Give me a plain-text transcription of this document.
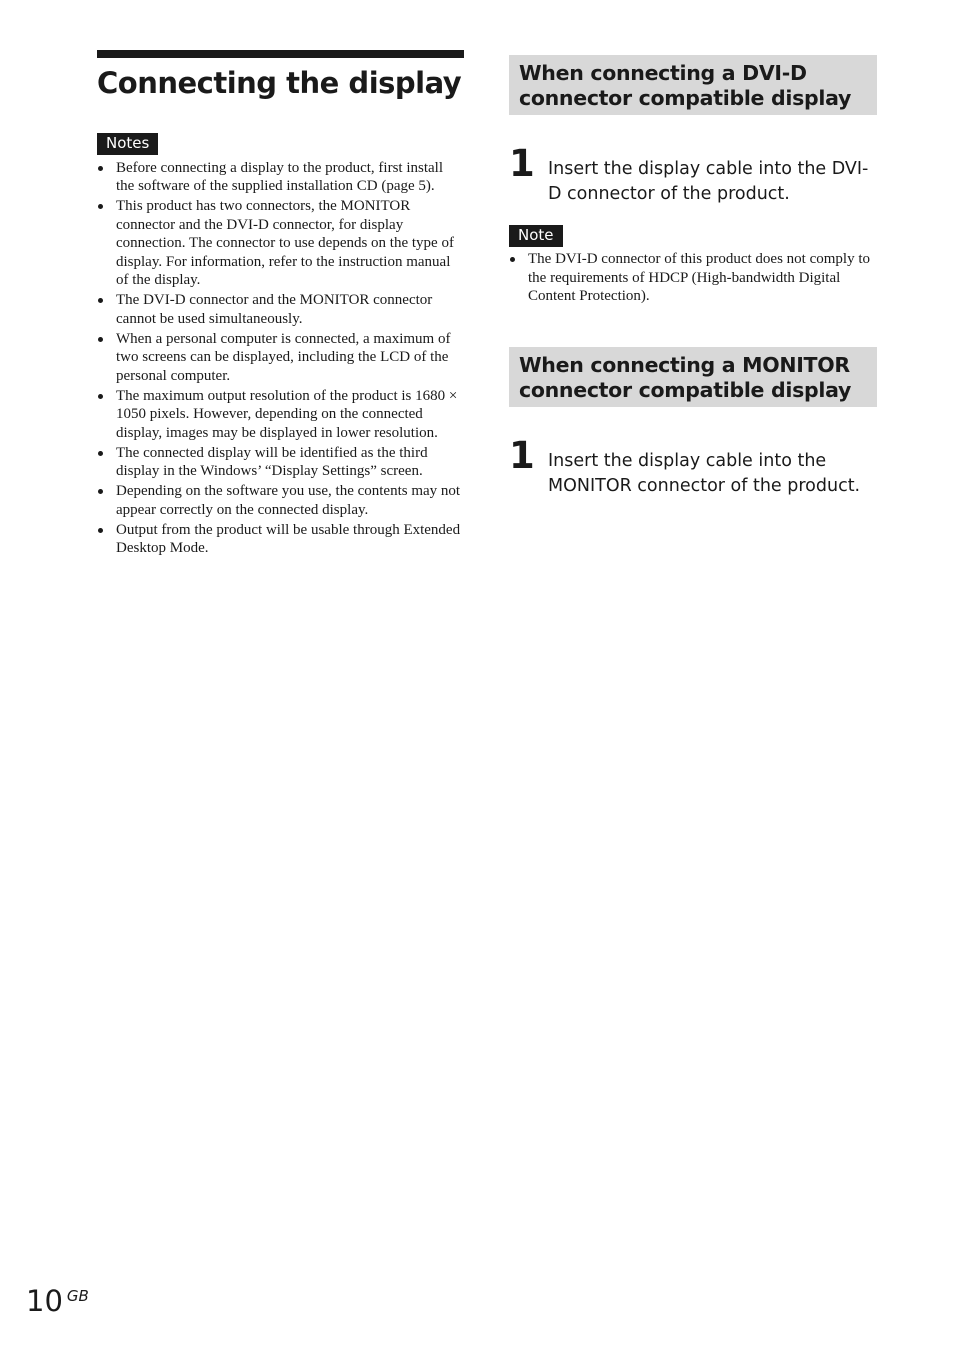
Connecting the display
Notes
Before connecting a display to the product, first install the software of the supplied installation CD (page 5).
This product has two connectors, the MONITOR connector and the DVI-D connector, for display connection. The connector to use depends on the type of display. For information, refer to the instruction manual of the display.
The DVI-D connector and the MONITOR connector cannot be used simultaneously.
When a personal computer is connected, a maximum of two screens can be displayed, including the LCD of the personal computer.
The maximum output resolution of the product is 1680 × 1050 pixels. However, depending on the connected display, images may be displayed in lower resolution.
The connected display will be identified as the third display in the Windows’ “Display Settings” screen.
Depending on the software you use, the contents may not appear correctly on the connected display.
Output from the product will be usable through Extended Desktop Mode.
When connecting a DVI-D connector compatible display
1 Insert the display cable into the DVI-D connector of the product.
Note
The DVI-D connector of this product does not comply to the requirements of HDCP (High-bandwidth Digital Content Protection).
When connecting a MONITOR connector compatible display
1 Insert the display cable into the MONITOR connector of the product.
10 $^{GB}$
